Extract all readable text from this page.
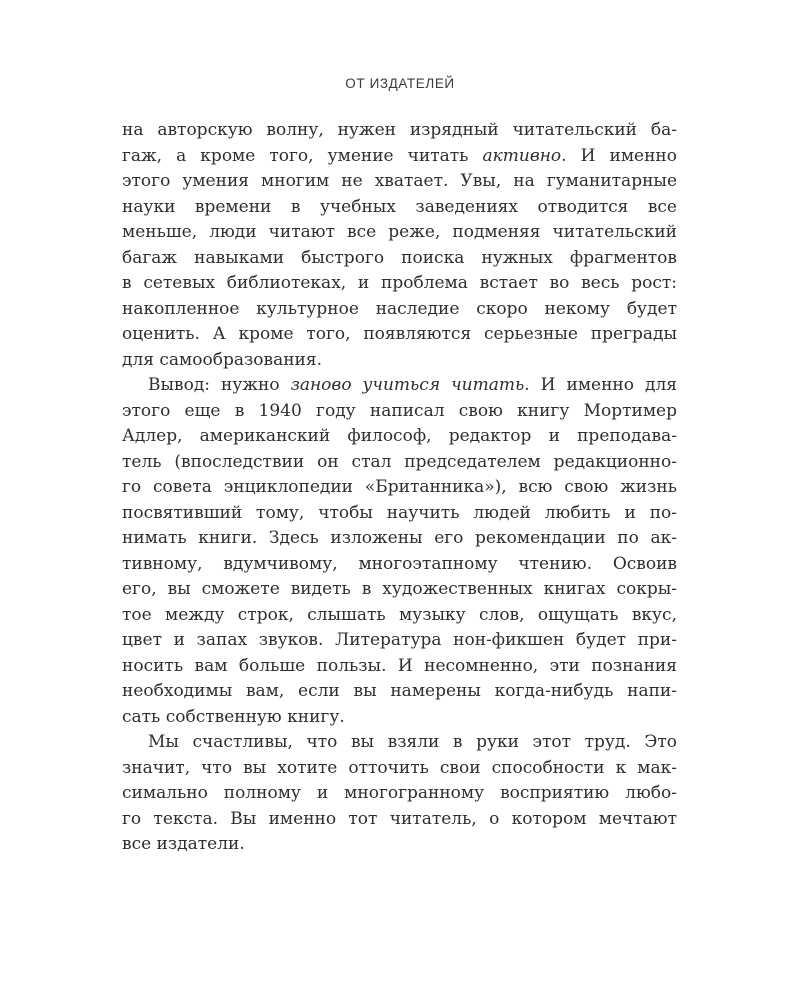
ОТ ИЗДАТЕЛЕЙ
на авторскую волну, нужен изрядный читательский ба-
гаж, а кроме того, умение читать активно. И именно
этого умения многим не хватает. Увы, на гуманитарные
науки времени в учебных заведениях отводится все
меньше, люди читают все реже, подменяя читательский
багаж навыками быстрого поиска нужных фрагментов
в сетевых библиотеках, и проблема встает во весь рост:
накопленное культурное наследие скоро некому будет
оценить. А кроме того, появляются серьезные преграды
для самообразования.
Вывод: нужно заново учиться читать. И именно для
этого еще в 1940 году написал свою книгу Мортимер
Адлер, американский философ, редактор и преподава-
тель (впоследствии он стал председателем редакционно-
го совета энциклопедии «Британника»), всю свою жизнь
посвятивший тому, чтобы научить людей любить и по-
нимать книги. Здесь изложены его рекомендации по ак-
тивному, вдумчивому, многоэтапному чтению. Освоив
его, вы сможете видеть в художественных книгах сокры-
тое между строк, слышать музыку слов, ощущать вкус,
цвет и запах звуков. Литература нон-фикшен будет при-
носить вам больше пользы. И несомненно, эти познания
необходимы вам, если вы намерены когда-нибудь напи-
сать собственную книгу.
Мы счастливы, что вы взяли в руки этот труд. Это
значит, что вы хотите отточить свои способности к мак-
симально полному и многогранному восприятию любо-
го текста. Вы именно тот читатель, о котором мечтают
все издатели.
